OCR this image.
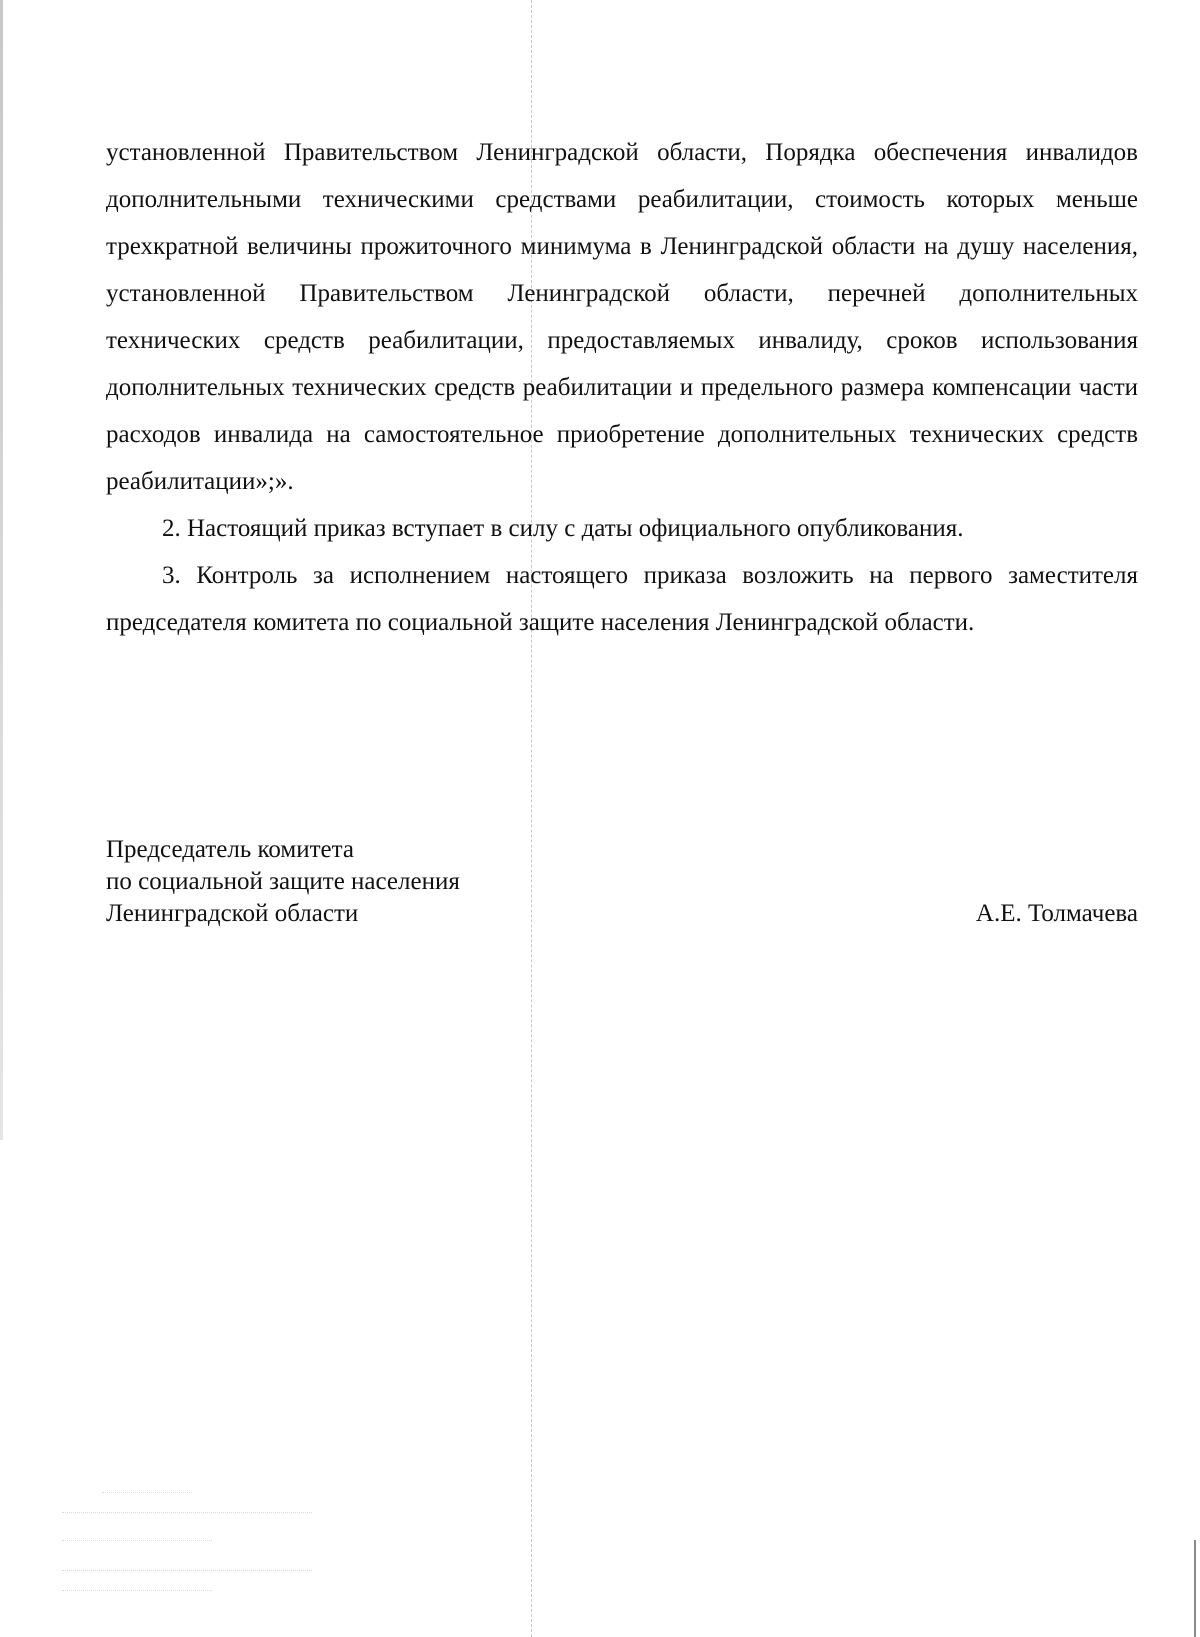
установленной Правительством Ленинградской области, Порядка обеспечения инвалидов дополнительными техническими средствами реабилитации, стоимость которых меньше трехкратной величины прожиточного минимума в Ленинградской области на душу населения, установленной Правительством Ленинградской области, перечней дополнительных технических средств реабилитации, предоставляемых инвалиду, сроков использования дополнительных технических средств реабилитации и предельного размера компенсации части расходов инвалида на самостоятельное приобретение дополнительных технических средств реабилитации»;».

2. Настоящий приказ вступает в силу с даты официального опубликования.

3. Контроль за исполнением настоящего приказа возложить на первого заместителя председателя комитета по социальной защите населения Ленинградской области.

Председатель комитета
по социальной защите населения
Ленинградской области	А.Е. Толмачева
